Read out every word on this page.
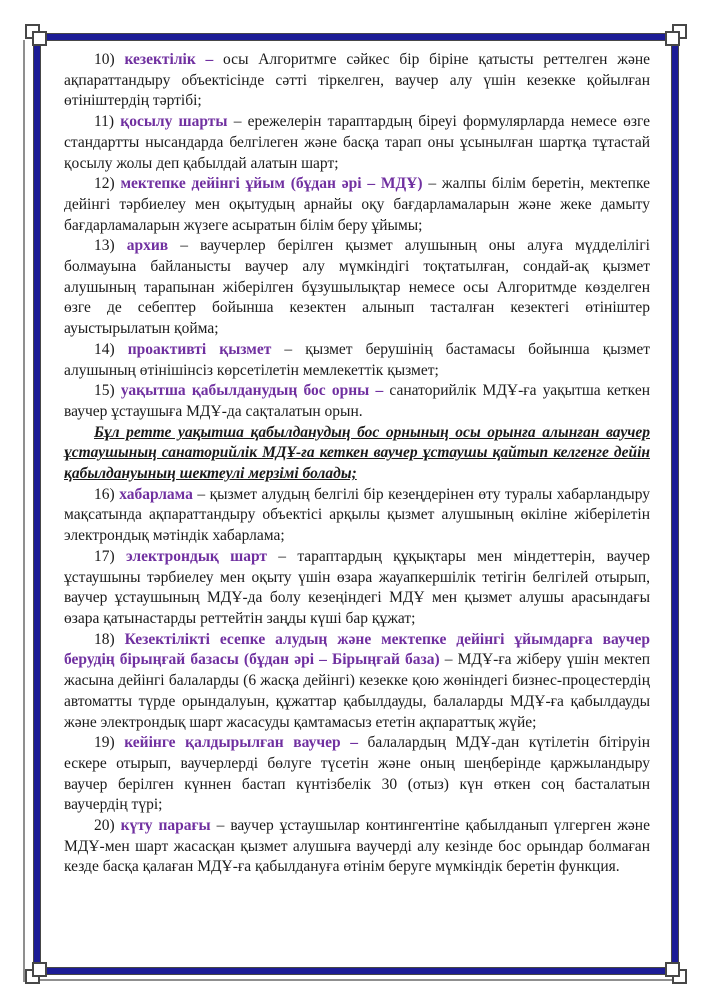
10) кезектілік – осы Алгоритмге сәйкес бір біріне қатысты реттелген және ақпараттандыру объектісінде сәтті тіркелген, ваучер алу үшін кезекке қойылған өтініштердің тәртібі;

11) қосылу шарты – ережелерін тараптардың біреуі формулярларда немесе өзге стандартты нысандарда белгілеген және басқа тарап оны ұсынылған шартқа тұтастай қосылу жолы деп қабылдай алатын шарт;

12) мектепке дейінгі ұйым (бұдан әрі – МДҰ) – жалпы білім беретін, мектепке дейінгі тәрбиелеу мен оқытудың арнайы оқу бағдарламаларын және жеке дамыту бағдарламаларын жүзеге асыратын білім беру ұйымы;

13) архив – ваучерлер берілген қызмет алушының оны алуға мүдделілігі болмауына байланысты ваучер алу мүмкіндігі тоқтатылған, сондай-ақ қызмет алушының тарапынан жіберілген бұзушылықтар немесе осы Алгоритмде көзделген өзге де себептер бойынша кезектен алынып тасталған кезектегі өтініштер ауыстырылатын қойма;

14) проактивті қызмет – қызмет берушінің бастамасы бойынша қызмет алушының өтінішінсіз көрсетілетін мемлекеттік қызмет;

15) уақытша қабылданудың бос орны – санаторийлік МДҰ-ға уақытша кеткен ваучер ұстаушыға МДҰ-да сақталатын орын.

Бұл ретте уақытша қабылданудың бос орнының осы орынға алынған ваучер ұстаушының санаторийлік МДҰ-ға кеткен ваучер ұстаушы қайтып келгенге дейін қабылдануының шектеулі мерзімі болады;

16) хабарлама – қызмет алудың белгілі бір кезеңдерінен өту туралы хабарландыру мақсатында ақпараттандыру объектісі арқылы қызмет алушының өкіліне жіберілетін электрондық мәтіндік хабарлама;

17) электрондық шарт – тараптардың құқықтары мен міндеттерін, ваучер ұстаушыны тәрбиелеу мен оқыту үшін өзара жауапкершілік тетігін белгілей отырып, ваучер ұстаушының МДҰ-да болу кезеңіндегі МДҰ мен қызмет алушы арасындағы өзара қатынастарды реттейтін заңды күші бар құжат;

18) Кезектілікті есепке алудың және мектепке дейінгі ұйымдарға ваучер берудің бірыңғай базасы (бұдан әрі – Бірыңғай база) – МДҰ-ға жіберу үшін мектеп жасына дейінгі балаларды (6 жасқа дейінгі) кезекке қою жөніндегі бизнес-процестердің автоматты түрде орындалуын, құжаттар қабылдауды, балаларды МДҰ-ға қабылдауды және электрондық шарт жасасуды қамтамасыз ететін ақпараттық жүйе;

19) кейінге қалдырылған ваучер – балалардың МДҰ-дан күтілетін бітіруін ескере отырып, ваучерлерді бөлуге түсетін және оның шеңберінде қаржыландыру ваучер берілген күннен бастап күнтізбелік 30 (отыз) күн өткен соң басталатын ваучердің түрі;

20) күту парағы – ваучер ұстаушылар контингентіне қабылданып үлгерген және МДҰ-мен шарт жасасқан қызмет алушыға ваучерді алу кезінде бос орындар болмаған кезде басқа қалаған МДҰ-ға қабылдануға өтінім беруге мүмкіндік беретін функция.
